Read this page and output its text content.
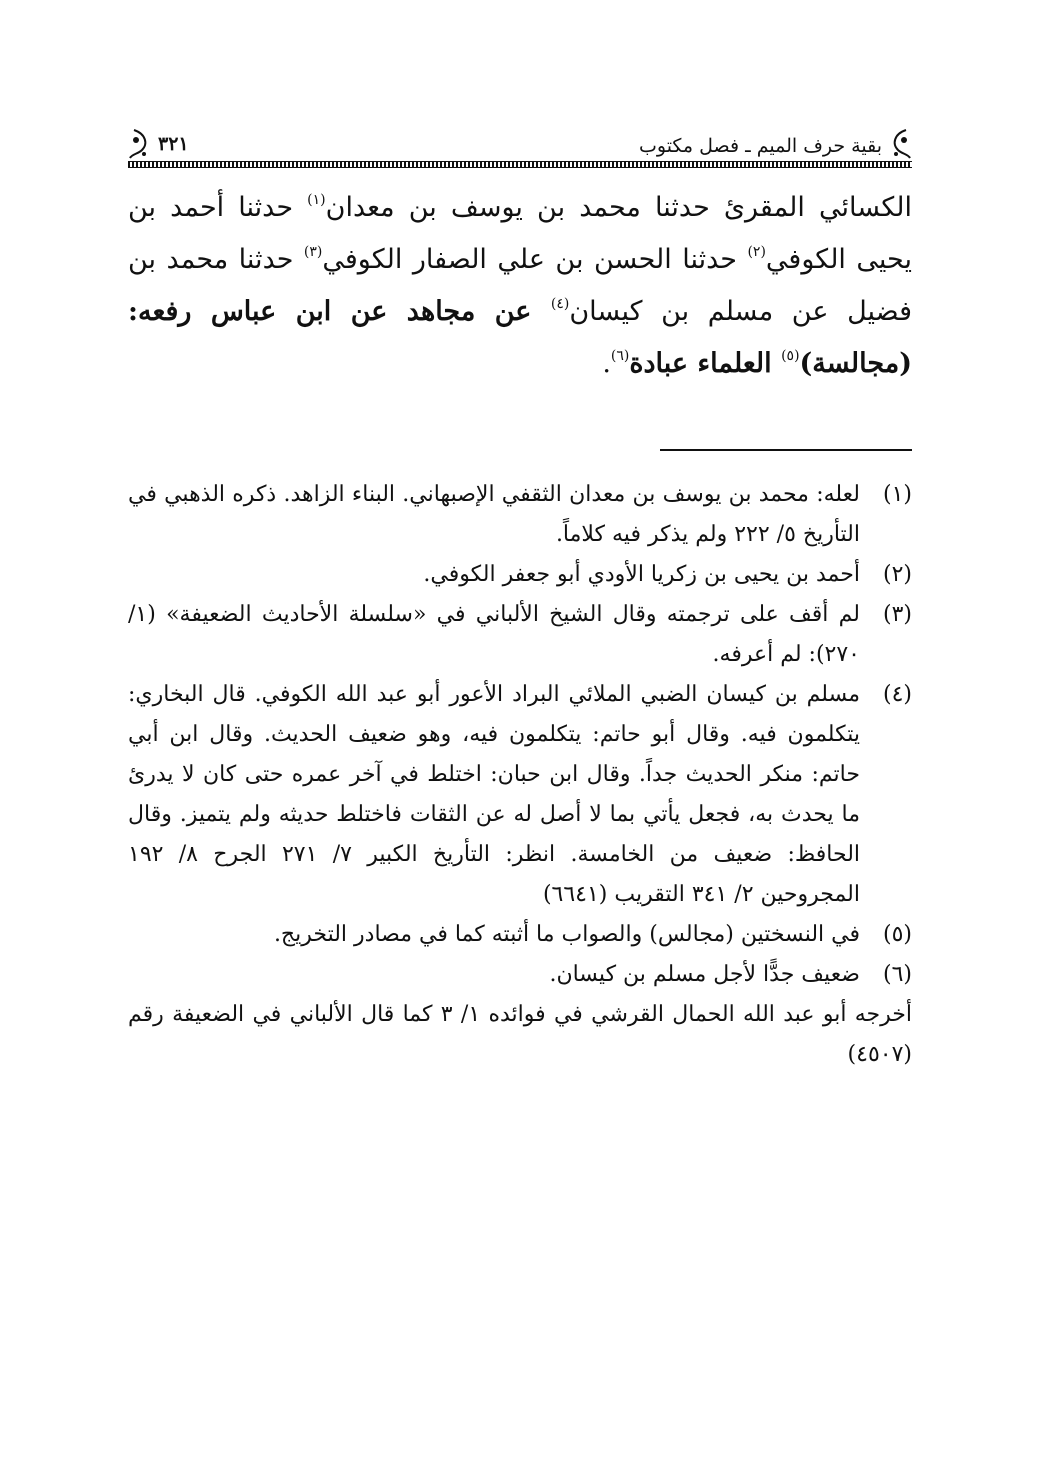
بقية حرف الميم ـ فصل مكتوب
٣٢١
الكسائي المقرئ حدثنا محمد بن يوسف بن معدان$^{(١)}$ حدثنا أحمد بن يحيى الكوفي$^{(٢)}$ حدثنا الحسن بن علي الصفار الكوفي$^{(٣)}$ حدثنا محمد بن فضيل عن مسلم بن كيسان$^{(٤)}$ عن مجاهد عن ابن عباس رفعه: (مجالسة)$^{(٥)}$ العلماء عبادة$^{(٦)}$.
(١)
لعله: محمد بن يوسف بن معدان الثقفي الإصبهاني. البناء الزاهد. ذكره الذهبي في التأريخ ٥/ ٢٢٢ ولم يذكر فيه كلاماً.
(٢)
أحمد بن يحيى بن زكريا الأودي أبو جعفر الكوفي.
(٣)
لم أقف على ترجمته وقال الشيخ الألباني في «سلسلة الأحاديث الضعيفة» (١/ ٢٧٠): لم أعرفه.
(٤)
مسلم بن كيسان الضبي الملائي البراد الأعور أبو عبد الله الكوفي. قال البخاري: يتكلمون فيه. وقال أبو حاتم: يتكلمون فيه، وهو ضعيف الحديث. وقال ابن أبي حاتم: منكر الحديث جداً. وقال ابن حبان: اختلط في آخر عمره حتى كان لا يدرئ ما يحدث به، فجعل يأتي بما لا أصل له عن الثقات فاختلط حديثه ولم يتميز. وقال الحافظ: ضعيف من الخامسة. انظر: التأريخ الكبير ٧/ ٢٧١ الجرح ٨/ ١٩٢ المجروحين ٢/ ٣٤١ التقريب (٦٦٤١)
(٥)
في النسختين (مجالس) والصواب ما أثبته كما في مصادر التخريج.
(٦)
ضعيف جدًّا لأجل مسلم بن كيسان.
أخرجه أبو عبد الله الحمال القرشي في فوائده ١/ ٣ كما قال الألباني في الضعيفة رقم (٤٥٠٧)
